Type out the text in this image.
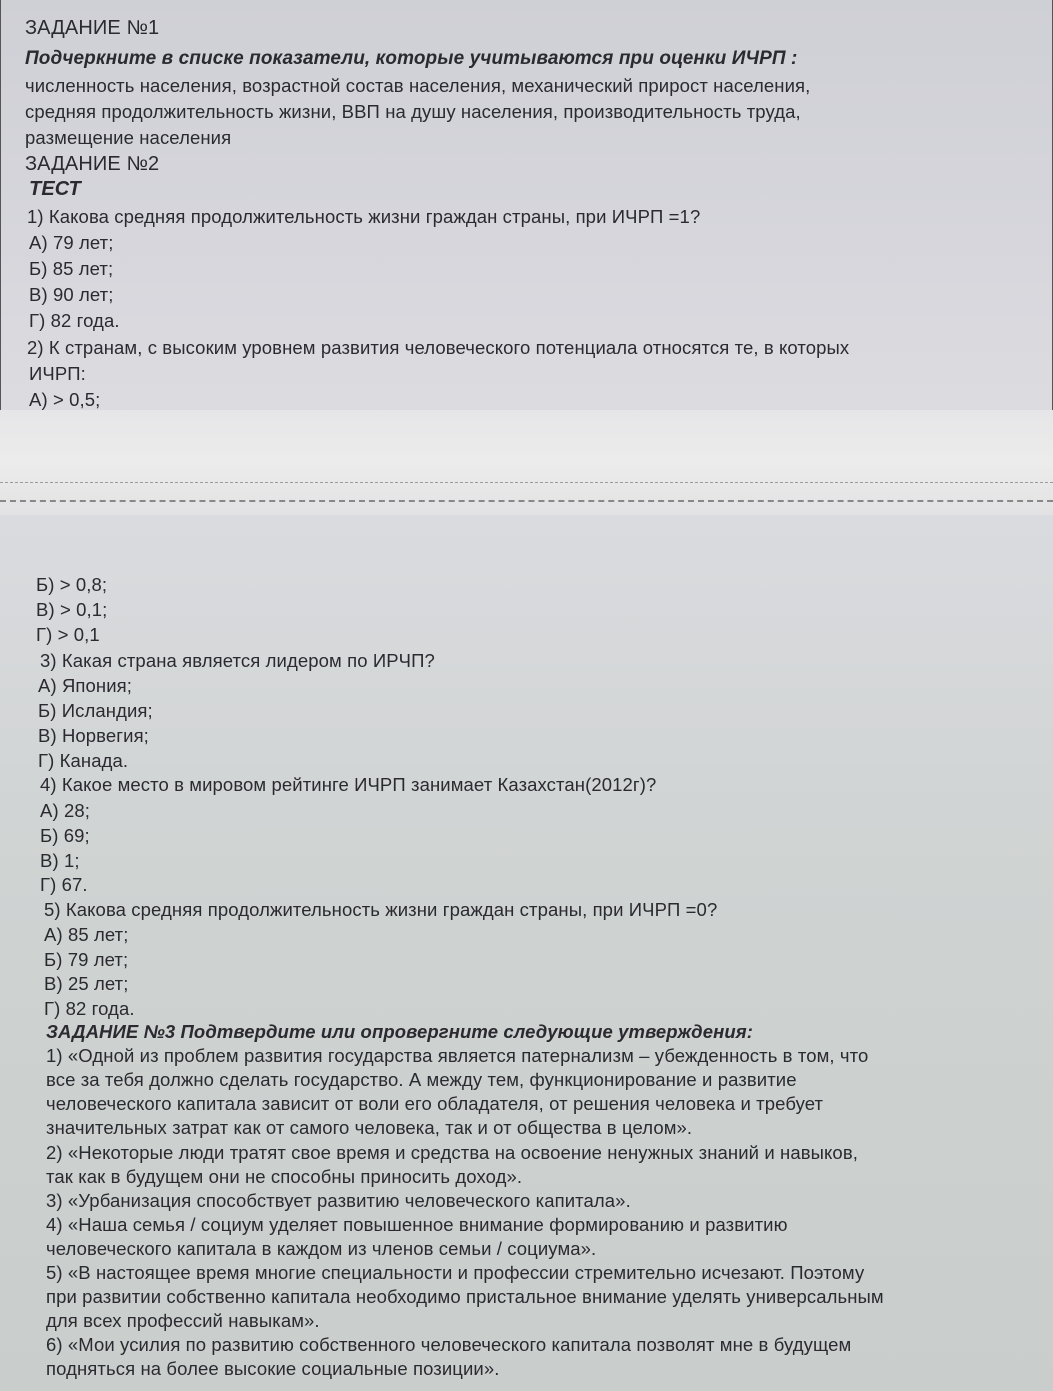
ЗАДАНИЕ №1
Подчеркните в списке показатели, которые учитываются при оценки ИЧРП :
численность населения, возрастной состав населения, механический прирост населения,
средняя продолжительность жизни, ВВП на душу населения, производительность труда,
размещение населения
ЗАДАНИЕ №2
ТЕСТ
1) Какова средняя продолжительность жизни граждан страны, при ИЧРП =1?
А) 79 лет;
Б) 85 лет;
В) 90 лет;
Г) 82 года.
2) К странам, с высоким уровнем развития человеческого потенциала относятся те, в которых
ИЧРП:
А) > 0,5;
Б) > 0,8;
В) > 0,1;
Г) > 0,1
3) Какая страна является лидером по ИРЧП?
А) Япония;
Б) Исландия;
В) Норвегия;
Г) Канада.
4) Какое место в мировом рейтинге ИЧРП занимает Казахстан(2012г)?
А) 28;
Б) 69;
В) 1;
Г) 67.
5) Какова средняя продолжительность жизни граждан страны, при ИЧРП =0?
А) 85 лет;
Б) 79 лет;
В) 25 лет;
Г) 82 года.
ЗАДАНИЕ №3 Подтвердите или опровергните следующие утверждения:
1) «Одной из проблем развития государства является патернализм – убежденность в том, что
все за тебя должно сделать государство. А между тем, функционирование и развитие
человеческого капитала зависит от воли его обладателя, от решения человека и требует
значительных затрат как от самого человека, так и от общества в целом».
2) «Некоторые люди тратят свое время и средства на освоение ненужных знаний и навыков,
так как в будущем они не способны приносить доход».
3) «Урбанизация способствует развитию человеческого капитала».
4) «Наша семья / социум уделяет повышенное внимание формированию и развитию
человеческого капитала в каждом из членов семьи / социума».
5) «В настоящее время многие специальности и профессии стремительно исчезают. Поэтому
при развитии собственно капитала необходимо пристальное внимание уделять универсальным
для всех профессий навыкам».
6) «Мои усилия по развитию собственного человеческого капитала позволят мне в будущем
подняться на более высокие социальные позиции».
